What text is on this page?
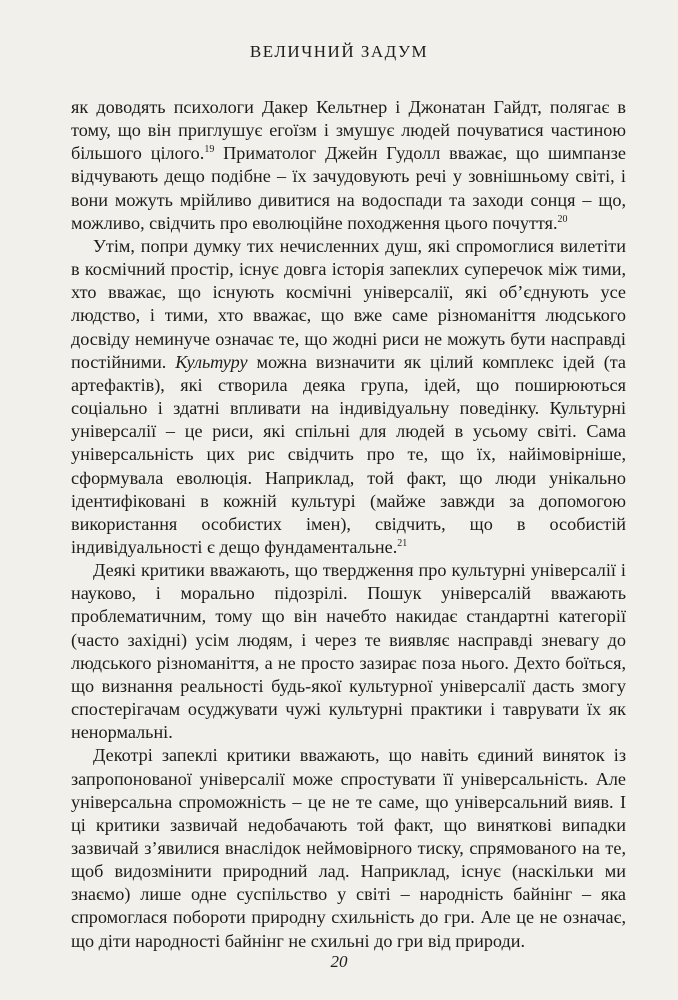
ВЕЛИЧНИЙ ЗАДУМ

як доводять психологи Дакер Кельтнер і Джонатан Гайдт, полягає в тому, що він приглушує егоїзм і змушує людей почуватися частиною більшого цілого.$^{19}$ Приматолог Джейн Гудолл вважає, що шимпанзе відчувають дещо подібне – їх зачудовують речі у зовнішньому світі, і вони можуть мрійливо дивитися на водоспади та заходи сонця – що, можливо, свідчить про еволюційне походження цього почуття.$^{20}$

Утім, попри думку тих нечисленних душ, які спромоглися вилетіти в космічний простір, існує довга історія запеклих суперечок між тими, хто вважає, що існують космічні універсалії, які об’єднують усе людство, і тими, хто вважає, що вже саме різноманіття людського досвіду неминуче означає те, що жодні риси не можуть бути насправді постійними. Культуру можна визначити як цілий комплекс ідей (та артефактів), які створила деяка група, ідей, що поширюються соціально і здатні впливати на індивідуальну поведінку. Культурні універсалії – це риси, які спільні для людей в усьому світі. Сама універсальність цих рис свідчить про те, що їх, найімовірніше, сформувала еволюція. Наприклад, той факт, що люди унікально ідентифіковані в кожній культурі (майже завжди за допомогою використання особистих імен), свідчить, що в особистій індивідуальності є дещо фундаментальне.$^{21}$

Деякі критики вважають, що твердження про культурні універсалії і науково, і морально підозрілі. Пошук універсалій вважають проблематичним, тому що він начебто накидає стандартні категорії (часто західні) усім людям, і через те виявляє насправді зневагу до людського різноманіття, а не просто зазирає поза нього. Дехто боїться, що визнання реальності будь-якої культурної універсалії дасть змогу спостерігачам осуджувати чужі культурні практики і таврувати їх як ненормальні.

Декотрі запеклі критики вважають, що навіть єдиний виняток із запропонованої універсалії може спростувати її універсальність. Але універсальна спроможність – це не те саме, що універсальний вияв. І ці критики зазвичай недобачають той факт, що винятковi випадки зазвичай з’явилися внаслідок неймовірного тиску, спрямованого на те, щоб видозмінити природний лад. Наприклад, існує (наскільки ми знаємо) лише одне суспільство у світі – народність байнінг – яка спромоглася побороти природну схильність до гри. Але це не означає, що діти народності байнінг не схильні до гри від природи.

20
